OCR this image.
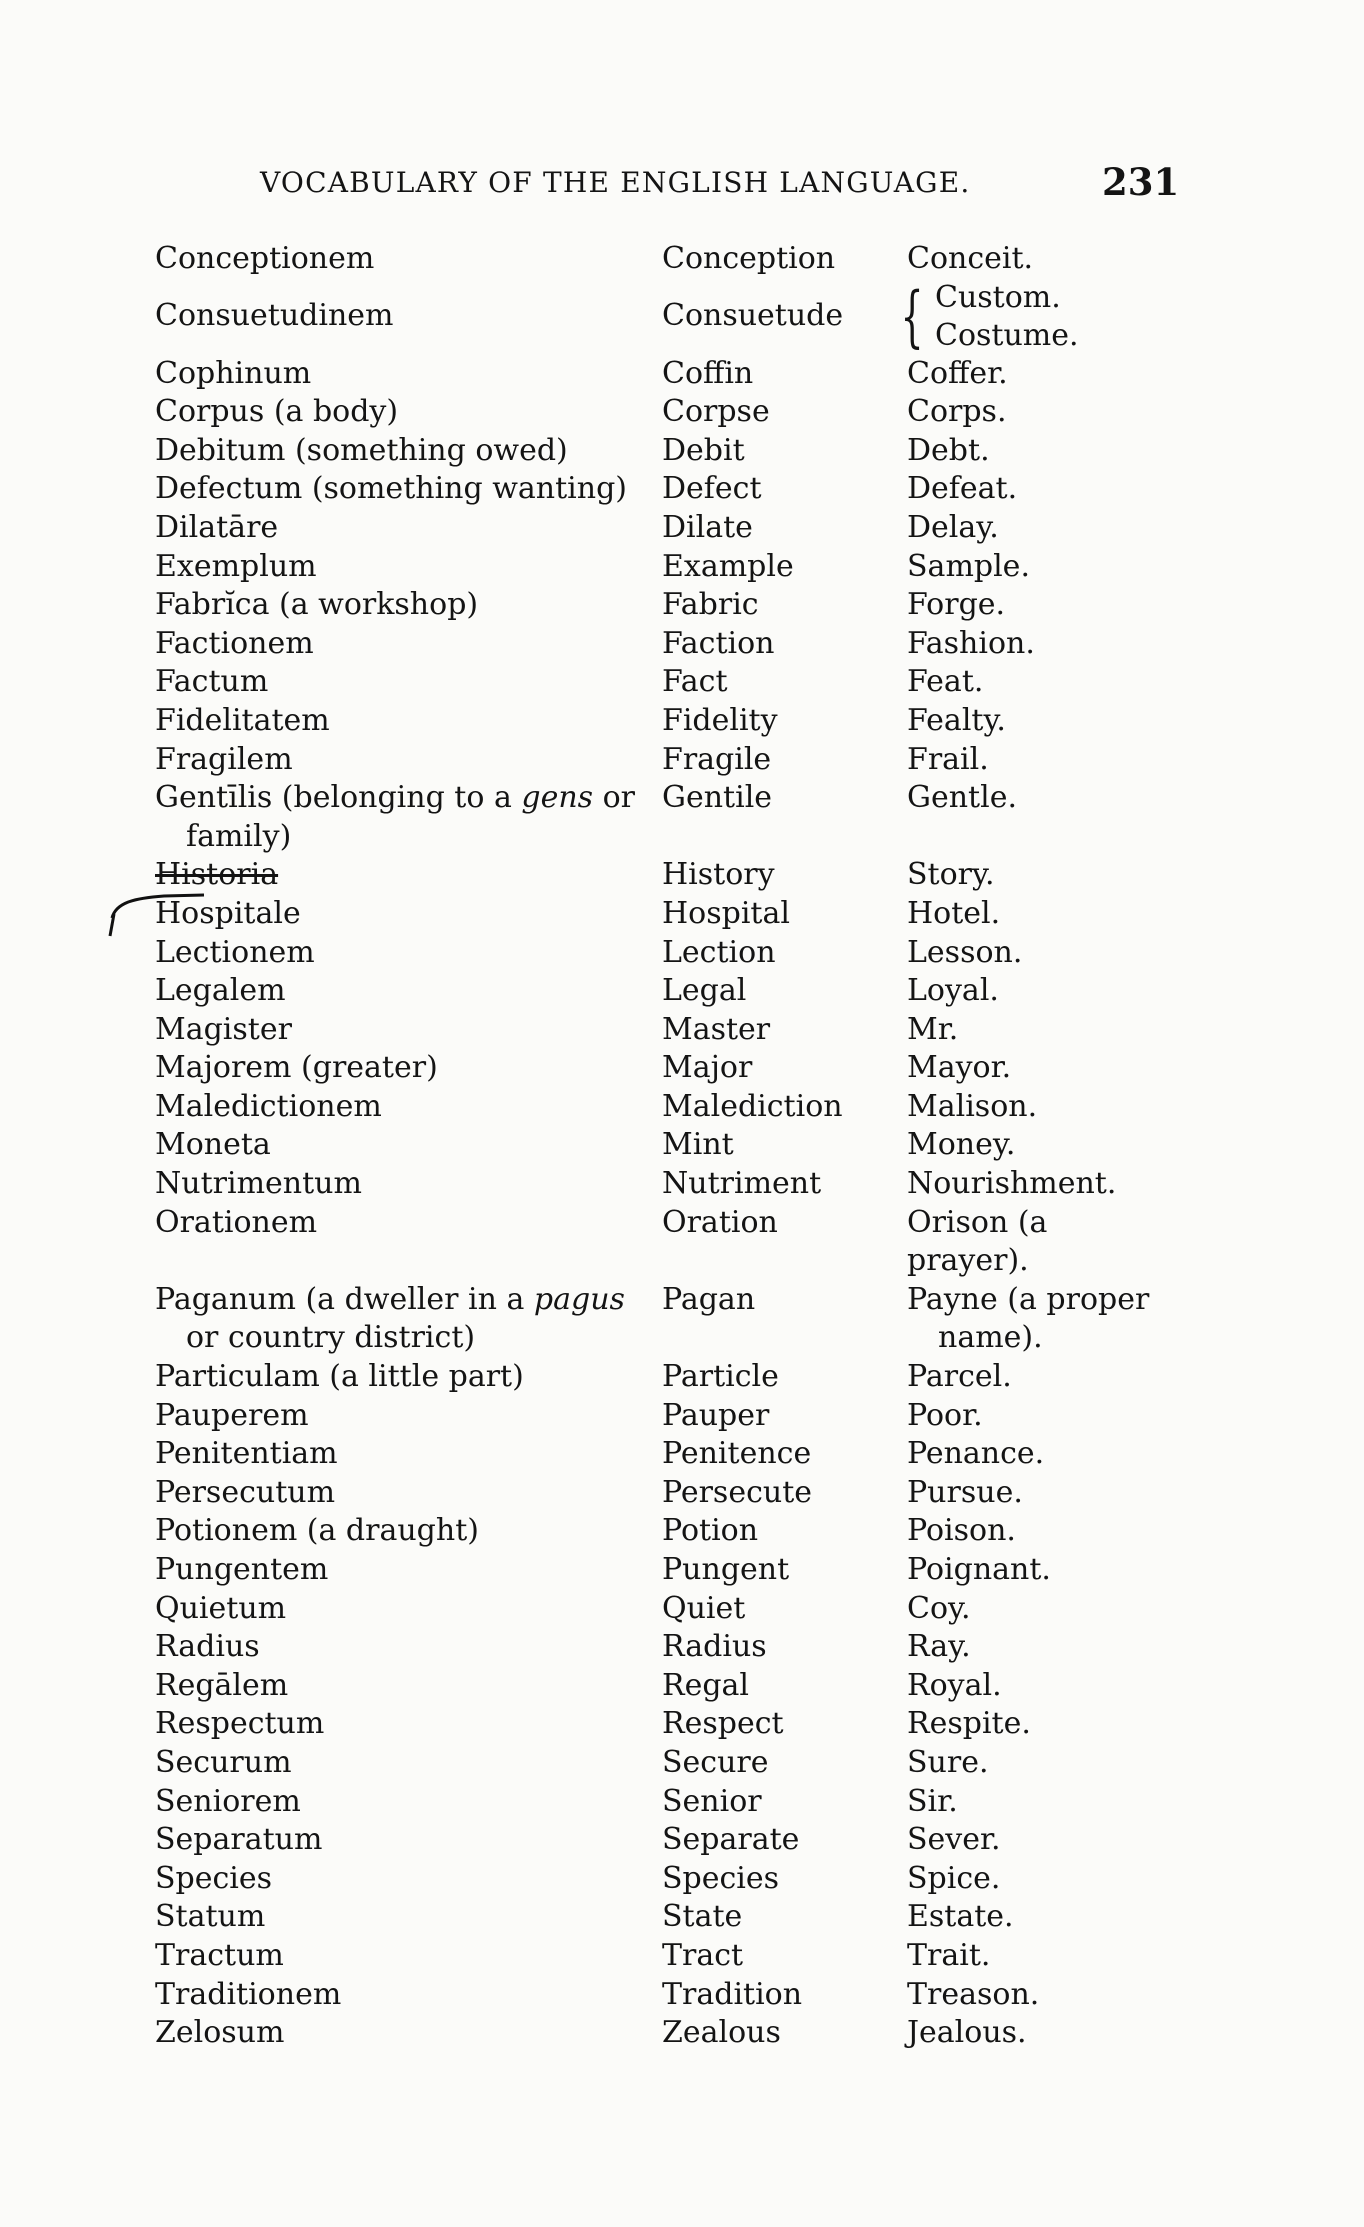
VOCABULARY OF THE ENGLISH LANGUAGE.	231
Conceptionem	Conception	Conceit.
Consuetudinem	Consuetude	{ Custom.
Costume.

Cophinum	Coffin	Coffer.
Corpus (a body)	Corpse	Corps.
Debitum (something owed)	Debit	Debt.
Defectum (something wanting)	Defect	Defeat.
Dilatāre	Dilate	Delay.
Exemplum	Example	Sample.
Fabrĭca (a workshop)	Fabric	Forge.
Factionem	Faction	Fashion.
Factum	Fact	Feat.
Fidelitatem	Fidelity	Fealty.
Fragilem	Fragile	Frail.
Gentīlis (belonging to a gens or
family)	Gentile	Gentle.
Historia	History	Story.
Hospitale	Hospital	Hotel.
Lectionem	Lection	Lesson.
Legalem	Legal	Loyal.
Magister	Master	Mr.
Majorem (greater)	Major	Mayor.
Maledictionem	Malediction	Malison.
Moneta	Mint	Money.
Nutrimentum	Nutriment	Nourishment.
Orationem	Oration	Orison (a prayer).
Paganum (a dweller in a pagus
or country district)	Pagan	Payne (a proper
name).

Particulam (a little part)	Particle	Parcel.
Pauperem	Pauper	Poor.
Penitentiam	Penitence	Penance.
Persecutum	Persecute	Pursue.
Potionem (a draught)	Potion	Poison.
Pungentem	Pungent	Poignant.
Quietum	Quiet	Coy.
Radius	Radius	Ray.
Regālem	Regal	Royal.
Respectum	Respect	Respite.
Securum	Secure	Sure.
Seniorem	Senior	Sir.
Separatum	Separate	Sever.
Species	Species	Spice.
Statum	State	Estate.
Tractum	Tract	Trait.
Traditionem	Tradition	Treason.
Zelosum	Zealous	Jealous.
